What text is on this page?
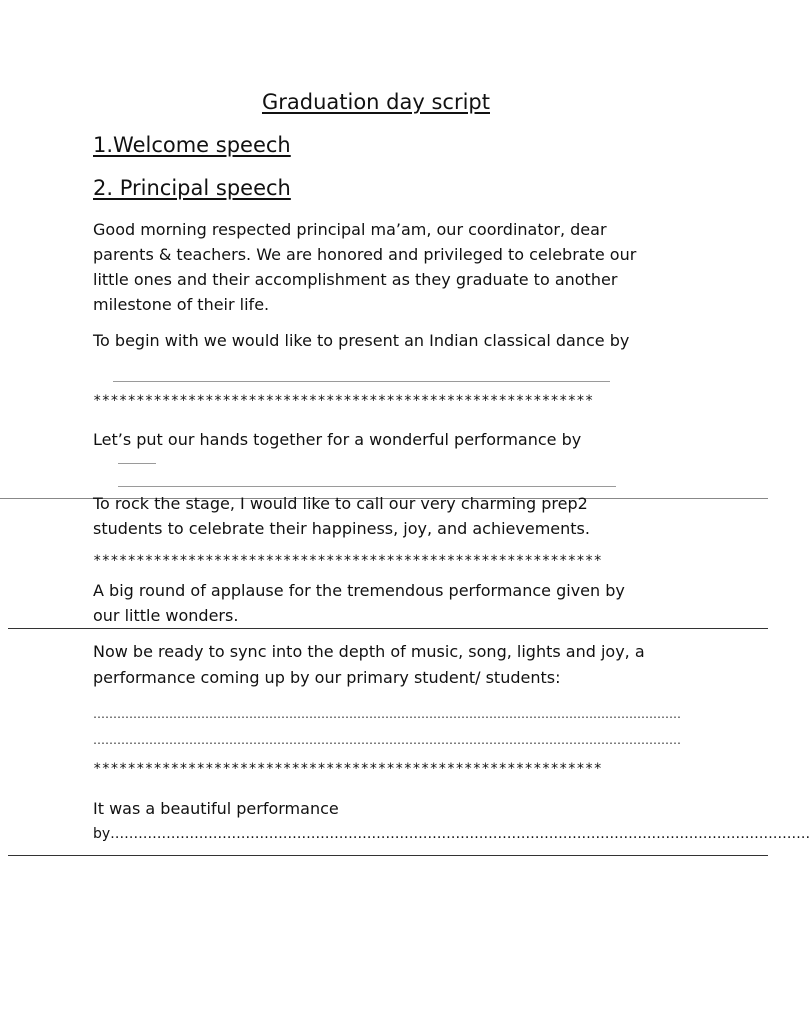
Graduation day script
1.Welcome speech
2. Principal speech

Good morning respected principal ma’am, our coordinator, dear

parents & teachers. We are honored and privileged to celebrate our

little ones and their accomplishment as they graduate to another

milestone of their life.

To begin with we would like to present an Indian classical dance by

**********************************************************

Let’s put our hands together for a wonderful performance by

To rock the stage, I would like to call our very charming prep2

students to celebrate their happiness, joy, and achievements.

***********************************************************

A big round of applause for the tremendous performance given by

our little wonders.

Now be ready to sync into the depth of music, song, lights and joy, a

performance coming up by our primary student/ students:

…………………………………………………………………………………………………………………………………

…………………………………………………………………………………………………………………………………

***********************************************************

It was a beautiful performance

by……………………………………………………………………………………………………………………………………
